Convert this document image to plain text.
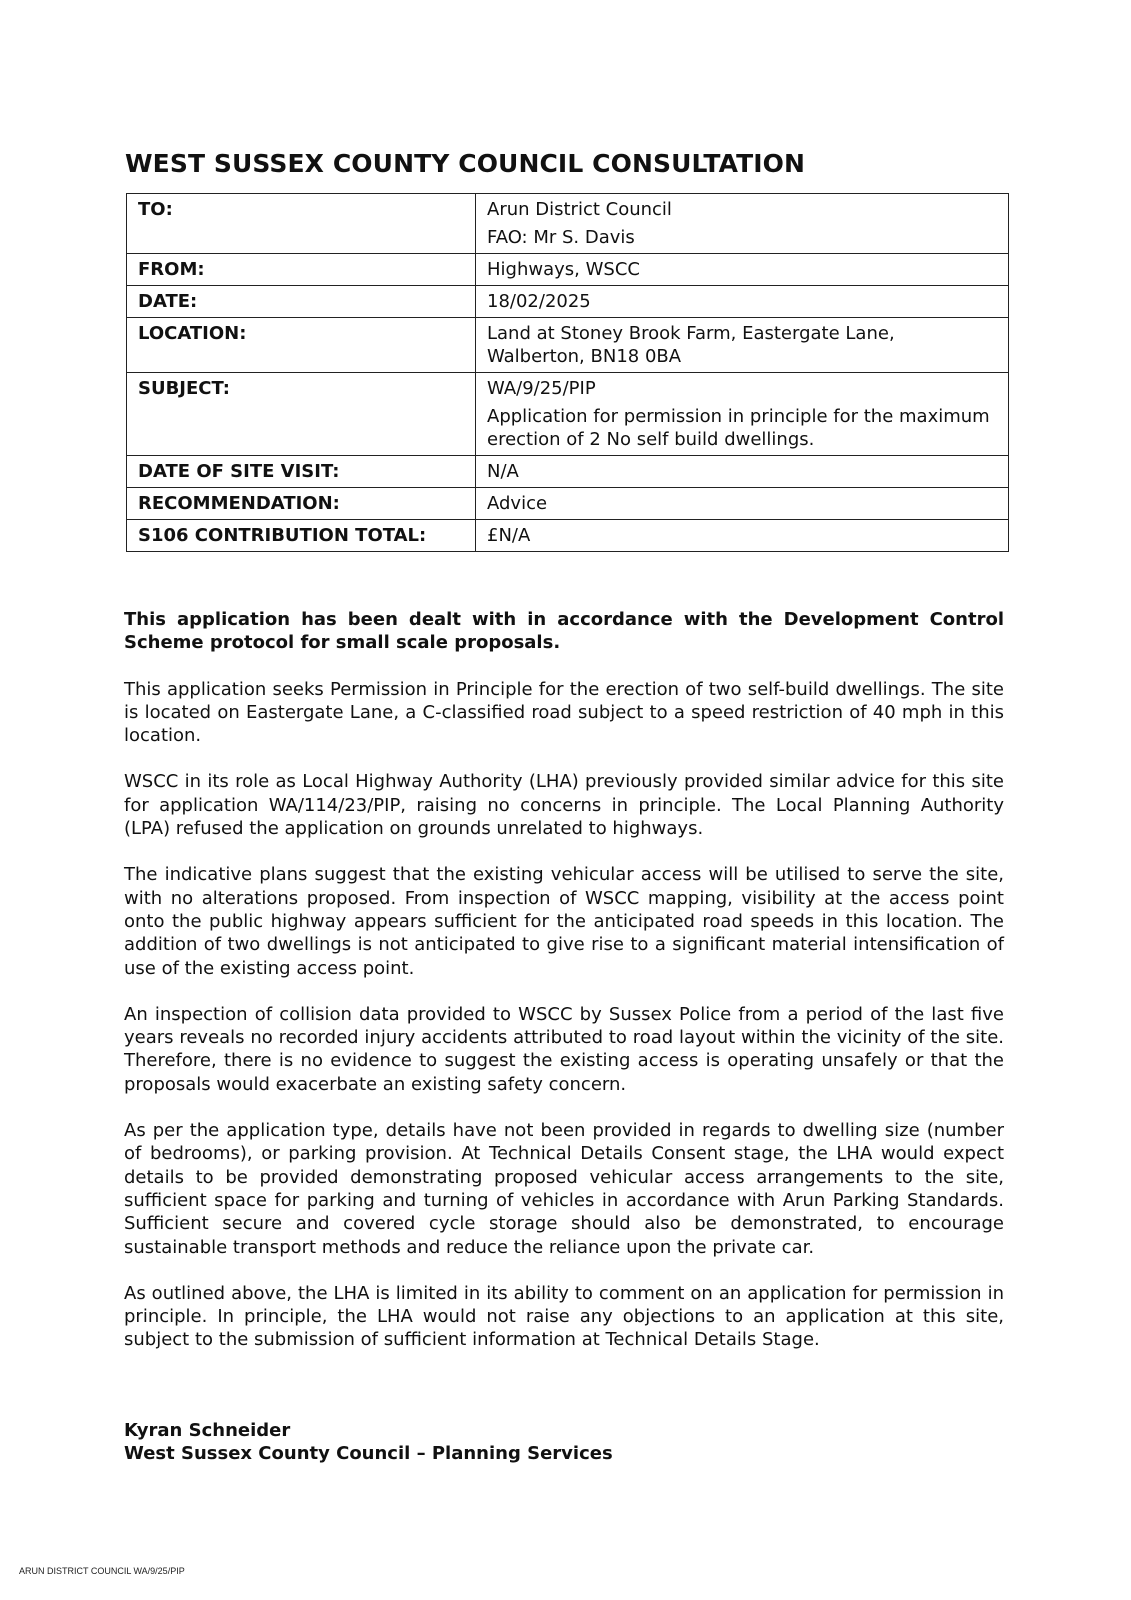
WEST SUSSEX COUNTY COUNCIL CONSULTATION
TO:	Arun District Council
FAO: Mr S. Davis

FROM:	Highways, WSCC

DATE:	18/02/2025

LOCATION:	Land at Stoney Brook Farm, Eastergate Lane, Walberton, BN18 0BA

SUBJECT:	WA/9/25/PIP
Application for permission in principle for the maximum erection of 2 No self build dwellings.

DATE OF SITE VISIT:	N/A

RECOMMENDATION:	Advice

S106 CONTRIBUTION TOTAL:	£N/A

This application has been dealt with in accordance with the Development Control Scheme protocol for small scale proposals.

This application seeks Permission in Principle for the erection of two self-build dwellings. The site is located on Eastergate Lane, a C-classified road subject to a speed restriction of 40 mph in this location.

WSCC in its role as Local Highway Authority (LHA) previously provided similar advice for this site for application WA/114/23/PIP, raising no concerns in principle. The Local Planning Authority (LPA) refused the application on grounds unrelated to highways.

The indicative plans suggest that the existing vehicular access will be utilised to serve the site, with no alterations proposed. From inspection of WSCC mapping, visibility at the access point onto the public highway appears sufficient for the anticipated road speeds in this location. The addition of two dwellings is not anticipated to give rise to a significant material intensification of use of the existing access point.

An inspection of collision data provided to WSCC by Sussex Police from a period of the last five years reveals no recorded injury accidents attributed to road layout within the vicinity of the site. Therefore, there is no evidence to suggest the existing access is operating unsafely or that the proposals would exacerbate an existing safety concern.

As per the application type, details have not been provided in regards to dwelling size (number of bedrooms), or parking provision. At Technical Details Consent stage, the LHA would expect details to be provided demonstrating proposed vehicular access arrangements to the site, sufficient space for parking and turning of vehicles in accordance with Arun Parking Standards. Sufficient secure and covered cycle storage should also be demonstrated, to encourage sustainable transport methods and reduce the reliance upon the private car.

As outlined above, the LHA is limited in its ability to comment on an application for permission in principle. In principle, the LHA would not raise any objections to an application at this site, subject to the submission of sufficient information at Technical Details Stage.

Kyran Schneider
West Sussex County Council – Planning Services
ARUN DISTRICT COUNCIL WA/9/25/PIP
